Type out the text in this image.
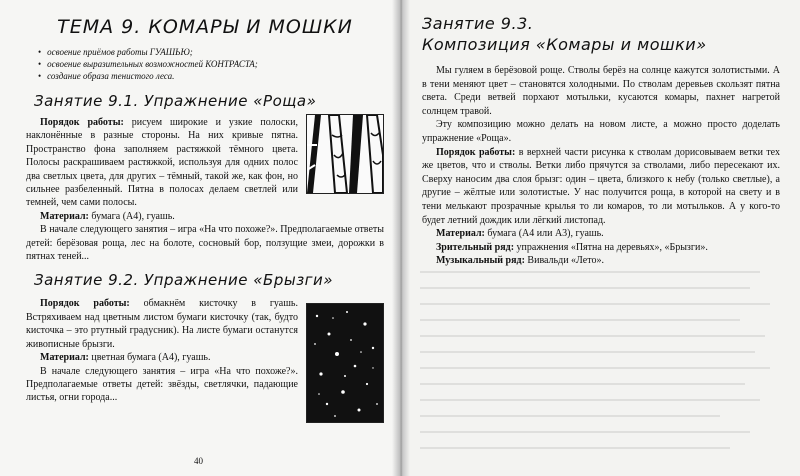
ТЕМА 9. КОМАРЫ И МОШКИ
• освоение приёмов работы ГУАШЬЮ;
• освоение выразительных возможностей КОНТРАСТА;
• создание образа тенистого леса.
Занятие 9.1. Упражнение «Роща»

Порядок работы: рисуем широкие и узкие полоски, наклонённые в разные стороны. На них кривые пятна. Пространство фона заполняем растяжкой тёмного цвета. Полосы раскрашиваем растяжкой, используя для одних полос два светлых цвета, для других – тёмный, такой же, как фон, но сильнее разбеленный. Пятна в полосах делаем светлей или темней, чем сами полосы.

Материал: бумага (А4), гуашь.

В начале следующего занятия – игра «На что похоже?». Предполагаемые ответы детей: берёзовая роща, лес на болоте, сосновый бор, ползущие змеи, дорожки в пятнах теней...

Занятие 9.2. Упражнение «Брызги»

Порядок работы: обмакнём кисточку в гуашь. Встряхиваем над цветным листом бумаги кисточку (так, будто кисточка – это ртутный градусник). На листе бумаги останутся живописные брызги.

Материал: цветная бумага (А4), гуашь.

В начале следующего занятия – игра «На что похоже?». Предполагаемые ответы детей: звёзды, светлячки, падающие листья, огни города...

40
Занятие 9.3.
Композиция «Комары и мошки»

Мы гуляем в берёзовой роще. Стволы берёз на солнце кажутся золотистыми. А в тени меняют цвет – становятся холодными. По стволам деревьев скользят пятна света. Среди ветвей порхают мотыльки, кусаются комары, пахнет нагретой солнцем травой.

Эту композицию можно делать на новом листе, а можно просто доделать упражнение «Роща».

Порядок работы: в верхней части рисунка к стволам дорисовываем ветки тех же цветов, что и стволы. Ветки либо прячутся за стволами, либо пересекают их. Сверху наносим два слоя брызг: один – цвета, близкого к небу (только светлые), а другие – жёлтые или золотистые. У нас получится роща, в которой на свету и в тени мелькают прозрачные крылья то ли комаров, то ли мотыльков. А у кого-то будет летний дождик или лёгкий листопад.

Материал: бумага (А4 или А3), гуашь.

Зрительный ряд: упражнения «Пятна на деревьях», «Брызги».

Музыкальный ряд: Вивальди «Лето».
